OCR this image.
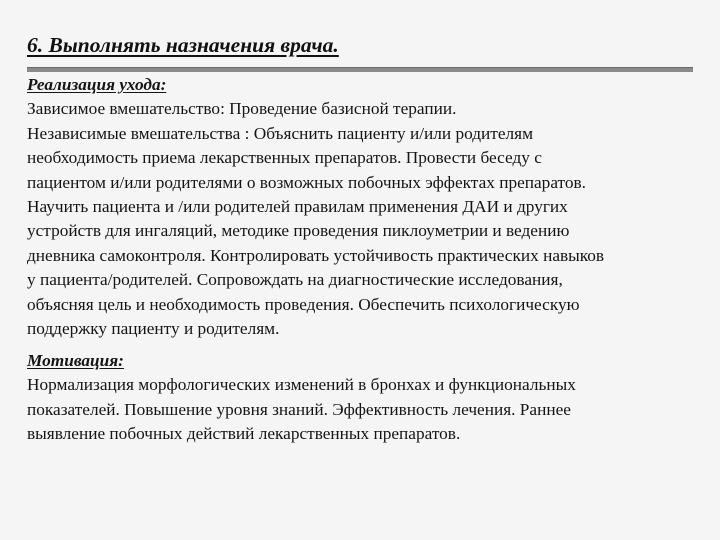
6. Выполнять назначения врача.
Реализация ухода:
Зависимое вмешательство: Проведение базисной терапии.
Независимые вмешательства : Объяснить пациенту и/или родителям
необходимость приема лекарственных препаратов. Провести беседу с
пациентом и/или родителями о возможных побочных эффектах препаратов.
Научить пациента и /или родителей правилам применения ДАИ и других
устройств для ингаляций, методике проведения пиклоуметрии и ведению
дневника самоконтроля. Контролировать устойчивость практических навыков
у пациента/родителей. Сопровождать на диагностические исследования,
объясняя цель и необходимость проведения. Обеспечить психологическую
поддержку пациенту и родителям.
Мотивация:
Нормализация морфологических изменений в бронхах и функциональных
показателей. Повышение уровня знаний. Эффективность лечения. Раннее
выявление побочных действий лекарственных препаратов.
